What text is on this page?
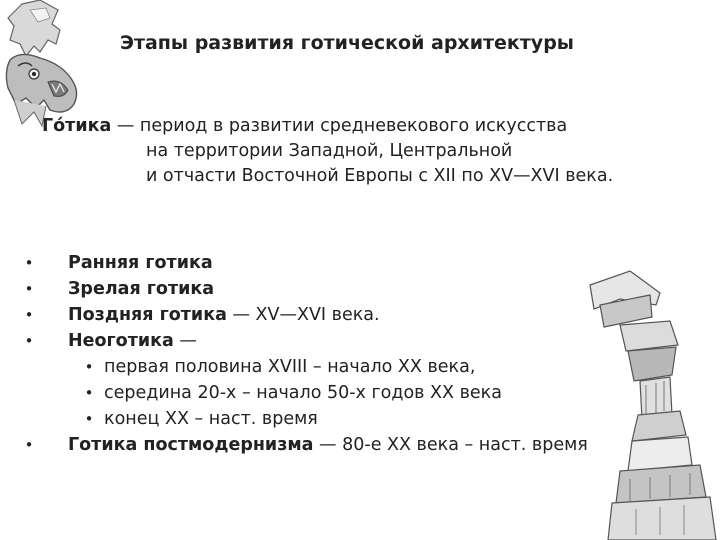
Этапы развития готической архитектуры
Го́тика — период в развитии средневекового искусства
на территории Западной, Центральной
и отчасти Восточной Европы с XII по XV—XVI века.
• Ранняя готика
• Зрелая готика
• Поздняя готика — XV—XVI века.
• Неоготика —
• первая половина XVIII – начало XX века,
• середина 20-х – начало 50-х годов XX века
• конец XX – наст. время
• Готика постмодернизма — 80-е XX века – наст. время
